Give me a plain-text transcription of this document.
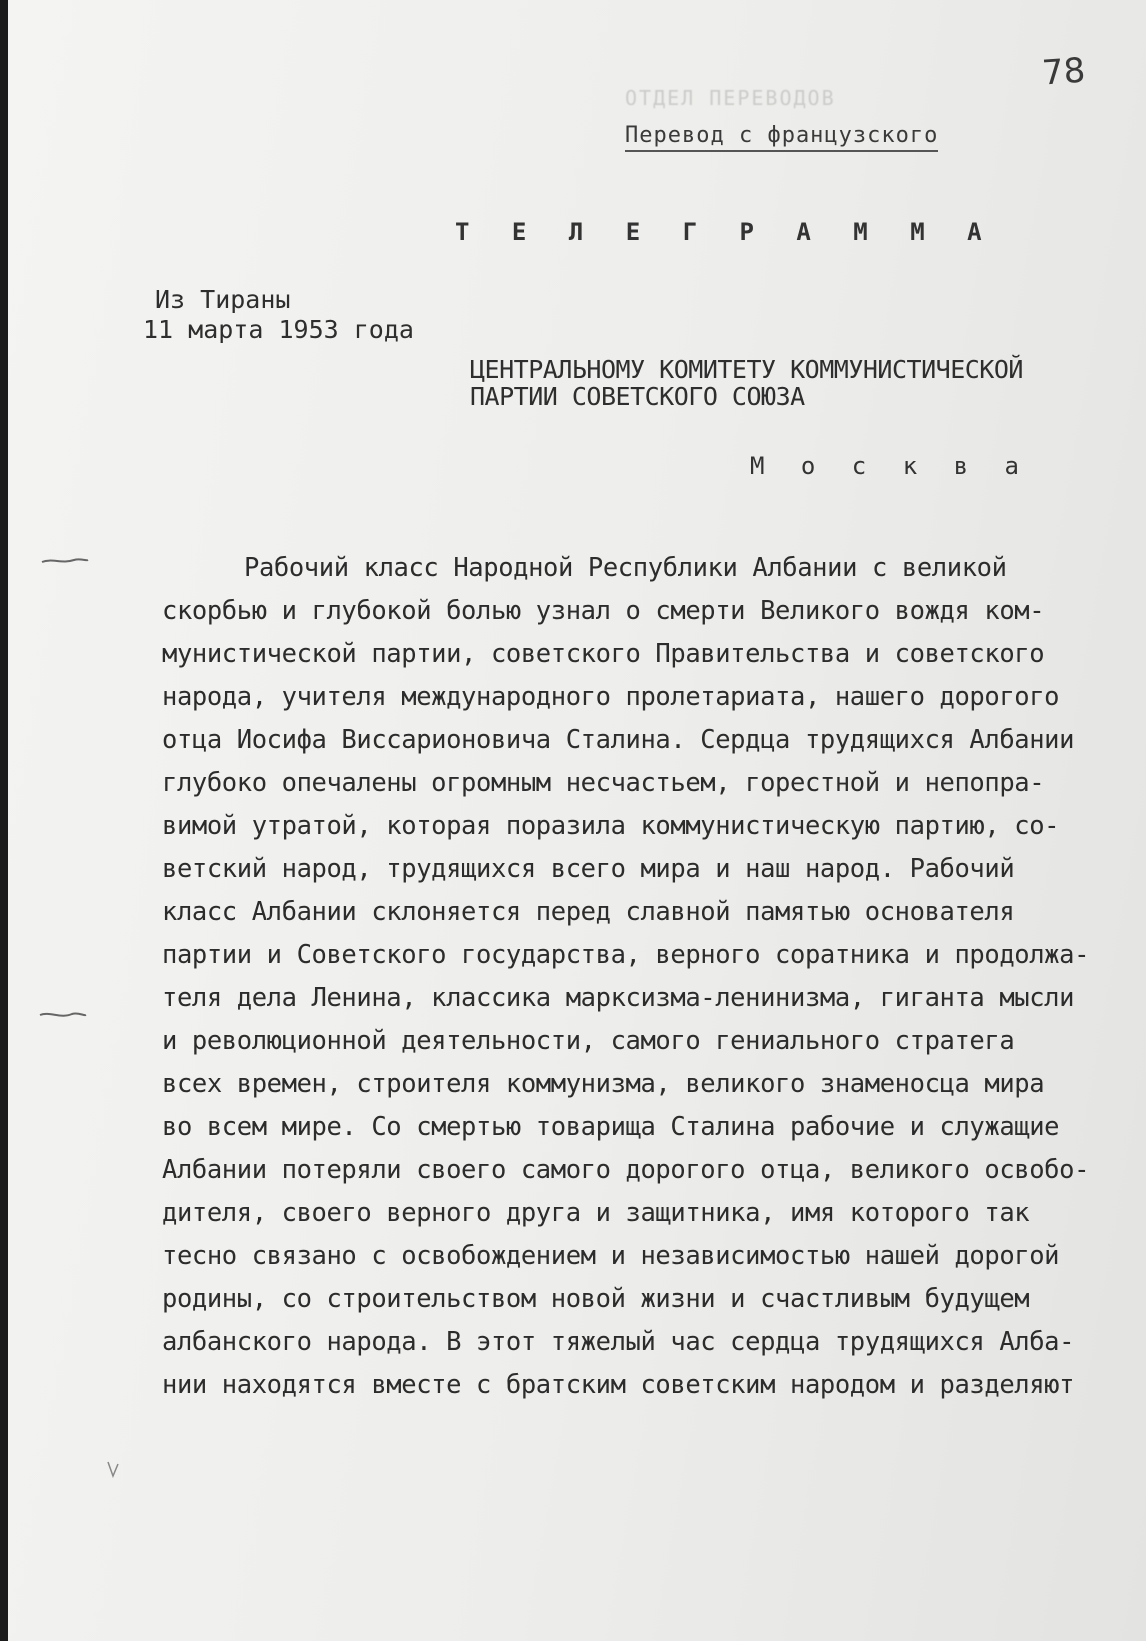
78
ОТДЕЛ ПЕРЕВОДОВ
Перевод с французского
Т Е Л Е Г Р А М М А
Из Тираны
11 марта 1953 года
ЦЕНТРАЛЬНОМУ КОМИТЕТУ КОММУНИСТИЧЕСКОЙ
ПАРТИИ СОВЕТСКОГО СОЮЗА
М о с к в а
Рабочий класс Народной Республики Албании с великой
скорбью и глубокой болью узнал о смерти Великого вождя ком-
мунистической партии, советского Правительства и советского
народа, учителя международного пролетариата, нашего дорогого
отца Иосифа Виссарионовича Сталина. Сердца трудящихся Албании
глубоко опечалены огромным несчастьем, горестной и непопра-
вимой утратой, которая поразила коммунистическую партию, со-
ветский народ, трудящихся всего мира и наш народ. Рабочий
класс Албании склоняется перед славной памятью основателя
партии и Советского государства, верного соратника и продолжа-
теля дела Ленина, классика марксизма-ленинизма, гиганта мысли
и революционной деятельности, самого гениального стратега
всех времен, строителя коммунизма, великого знаменосца мира
во всем мире. Со смертью товарища Сталина рабочие и служащие
Албании потеряли своего самого дорогого отца, великого освобо-
дителя, своего верного друга и защитника, имя которого так
тесно связано с освобождением и независимостью нашей дорогой
родины, со строительством новой жизни и счастливым будущем
албанского народа. В этот тяжелый час сердца трудящихся Алба-
нии находятся вместе с братским советским народом и разделяют
